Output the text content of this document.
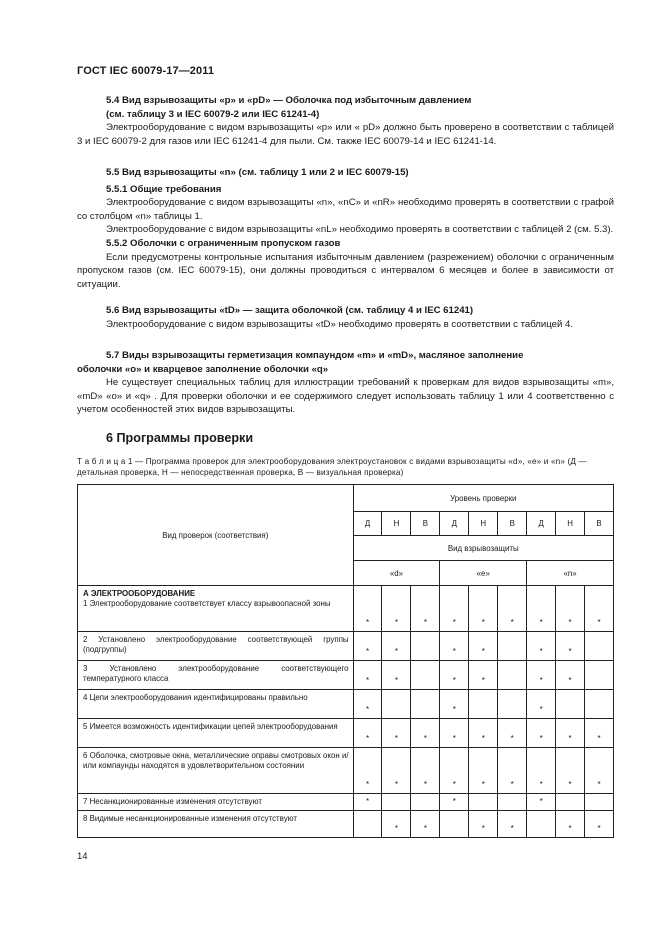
ГОСТ IEC 60079-17—2011

5.4 Вид взрывозащиты «р» и «pD» — Оболочка под избыточным давлением

(см. таблицу 3 и IEC 60079-2 или IEC 61241-4)

Электрооборудование с видом взрывозащиты «р» или « pD» должно быть проверено в соответствии с таблицей 3 и IEC 60079-2 для газов или IEC 61241-4 для пыли. См. также IEC 60079-14 и IEC 61241-14.

5.5 Вид взрывозащиты «n» (см. таблицу 1 или 2 и IEC 60079-15)

5.5.1 Общие требования

Электрооборудование с видом взрывозащиты «n», «nC» и «nR» необходимо проверять в соответствии с графой со столбцом «n» таблицы 1.

Электрооборудование с видом взрывозащиты «nL» необходимо проверять в соответствии с таблицей 2 (см. 5.3).

5.5.2 Оболочки с ограниченным пропуском газов

Если предусмотрены контрольные испытания избыточным давлением (разрежением) оболочки с ограниченным пропуском газов (см. IEC 60079-15), они должны проводиться с интервалом 6 месяцев и более в зависимости от ситуации.

5.6 Вид взрывозащиты «tD» — защита оболочкой (см. таблицу 4 и IEC 61241)

Электрооборудование с видом взрывозащиты «tD» необходимо проверять в соответствии с таблицей 4.

5.7 Виды взрывозащиты герметизация компаундом «m» и «mD», масляное заполнение

оболочки «о» и кварцевое заполнение оболочки «q»

Не существует специальных таблиц для иллюстрации требований к проверкам для видов взрывозащиты «m», «mD» «о» и «q» . Для проверки оболочки и ее содержимого следует использовать таблицу 1 или 4 соответственно с учетом особенностей этих видов взрывозащиты.

6 Программы проверки
Т а б л и ц а 1 — Программа проверок для электрооборудования электроустановок с видами взрывозащиты «d», «е» и «n» (Д — детальная проверка, Н — непосредственная проверка, В — визуальная проверка)
Вид проверок (соответствия)	Уровень проверки								
	Д	Н	В	Д	Н	В	Д	Н	В
	Вид взрывозащиты								
	«d»			«е»			«n»		

А ЭЛЕКТРООБОРУДОВАНИЕ
1 Электрооборудование соответствует классу взрывоопасной зоны	*	*	*	*	*	*	*	*	*

2 Установлено электрооборудование соответствующей группы (подгруппы)	*	*		*	*		*	*	

3 Установлено электрооборудование соответствующего температурного класса	*	*		*	*		*	*	

4 Цепи электрооборудования идентифицированы правильно	*			*			*		

5 Имеется возможность идентификации цепей электрооборудования	*	*	*	*	*	*	*	*	*

6 Оболочка, смотровые окна, металлические оправы смотровых окон и/или компаунды находятся в удовлетворительном состоянии	*	*	*	*	*	*	*	*	*

7 Несанкционированные изменения отсутствуют	*			*			*		

8 Видимые несанкционированные изменения отсутствуют		*	*		*	*		*	*
14
